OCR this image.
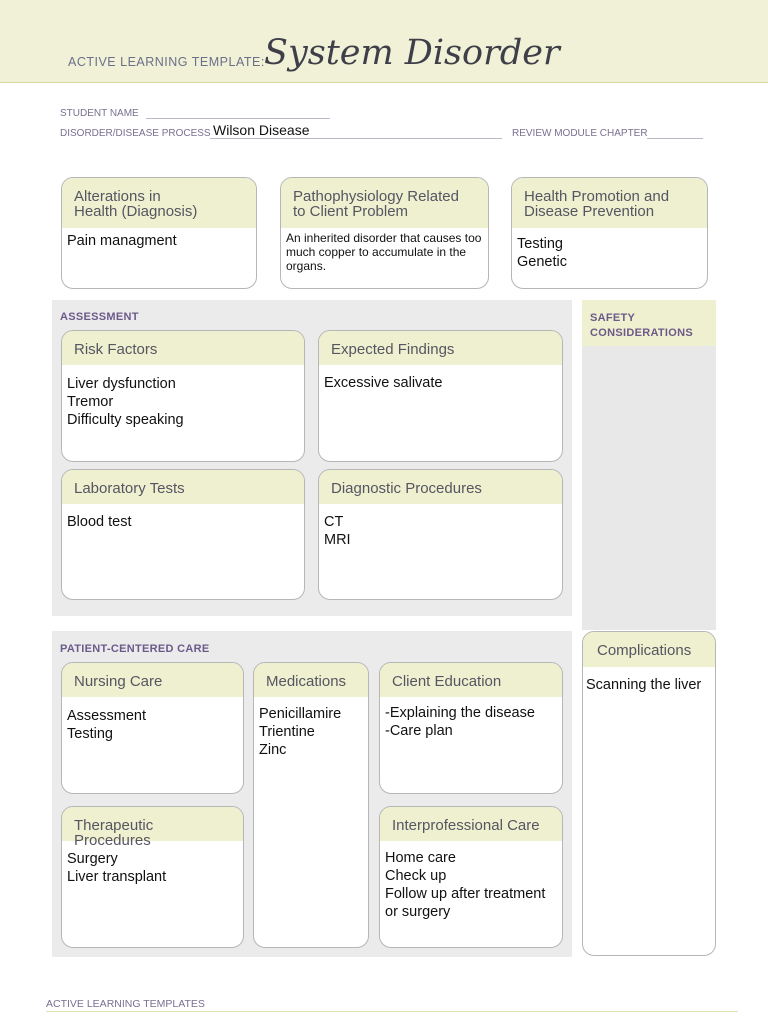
ACTIVE LEARNING TEMPLATE: System Disorder
STUDENT NAME
DISORDER/DISEASE PROCESS Wilson Disease	REVIEW MODULE CHAPTER
Alterations in
Health (Diagnosis)
Pain managment
Pathophysiology Related
to Client Problem
An inherited disorder that causes too much copper to accumulate in the organs.
Health Promotion and
Disease Prevention
Testing
Genetic
ASSESSMENT
Risk Factors
Liver dysfunction
Tremor
Difficulty speaking
Expected Findings
Excessive salivate
Laboratory Tests
Blood test
Diagnostic Procedures
CT
MRI
SAFETY
CONSIDERATIONS
PATIENT-CENTERED CARE
Nursing Care
Assessment
Testing
Medications
Penicillamire
Trientine
Zinc
Client Education
-Explaining the disease
-Care plan
Therapeutic Procedures
Surgery
Liver transplant
Interprofessional Care
Home care
Check up
Follow up after treatment
or surgery
Complications
Scanning the liver
ACTIVE LEARNING TEMPLATES
